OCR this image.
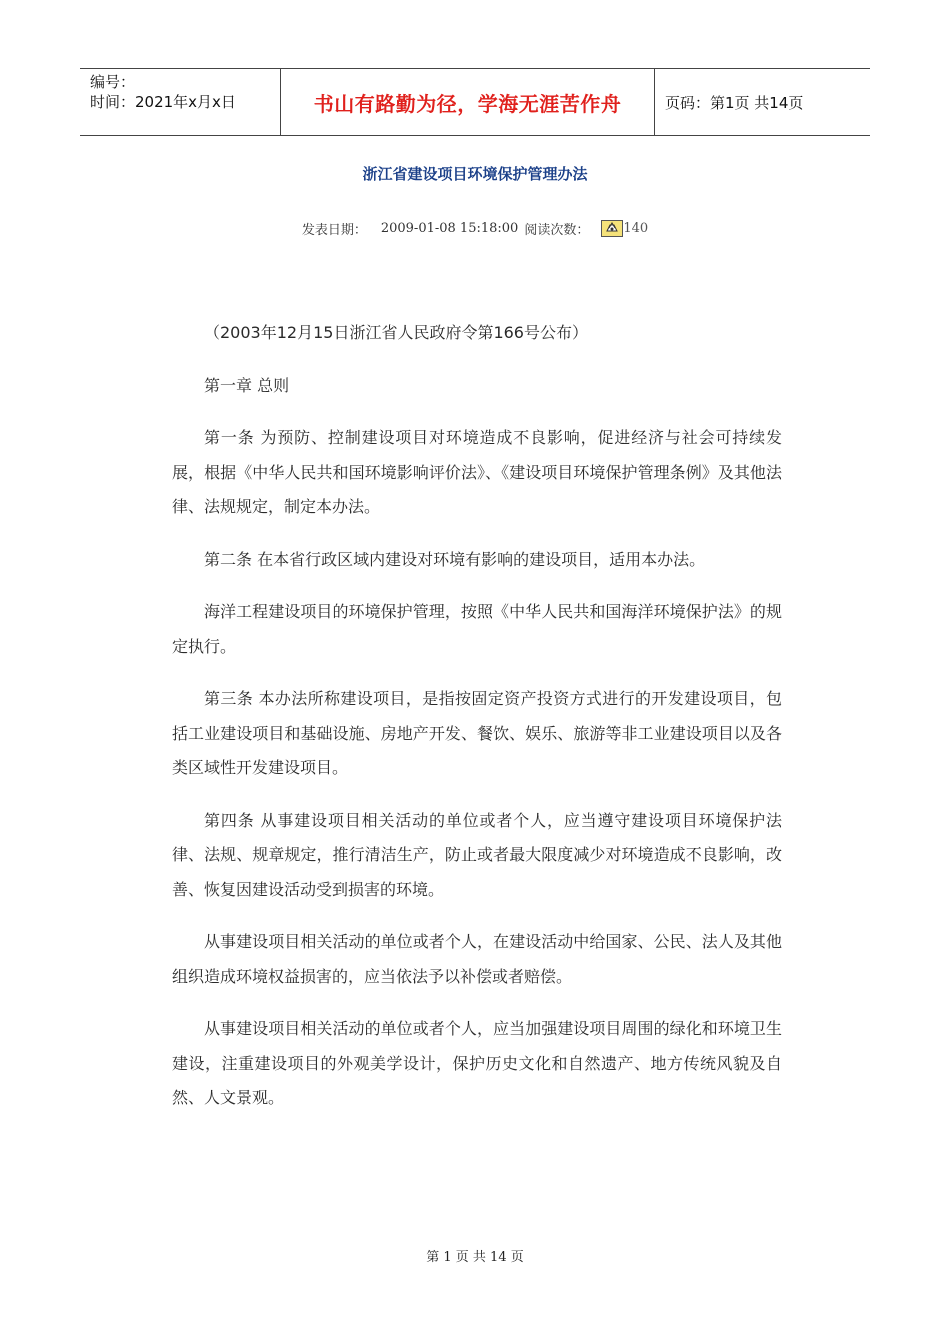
编号：
时间：2021年x月x日	书山有路勤为径，学海无涯苦作舟	页码：第1页 共14页
浙江省建设项目环境保护管理办法
发表日期： 2009-01-08 15:18:00 阅读次数：	140

（2003年12月15日浙江省人民政府令第166号公布）

第一章 总则

第一条 为预防、控制建设项目对环境造成不良影响，促进经济与社会可持续发展，根据《中华人民共和国环境影响评价法》、《建设项目环境保护管理条例》及其他法律、法规规定，制定本办法。

第二条 在本省行政区域内建设对环境有影响的建设项目，适用本办法。

海洋工程建设项目的环境保护管理，按照《中华人民共和国海洋环境保护法》的规定执行。

第三条 本办法所称建设项目，是指按固定资产投资方式进行的开发建设项目，包括工业建设项目和基础设施、房地产开发、餐饮、娱乐、旅游等非工业建设项目以及各类区域性开发建设项目。

第四条 从事建设项目相关活动的单位或者个人，应当遵守建设项目环境保护法律、法规、规章规定，推行清洁生产，防止或者最大限度减少对环境造成不良影响，改善、恢复因建设活动受到损害的环境。

从事建设项目相关活动的单位或者个人，在建设活动中给国家、公民、法人及其他组织造成环境权益损害的，应当依法予以补偿或者赔偿。

从事建设项目相关活动的单位或者个人，应当加强建设项目周围的绿化和环境卫生建设，注重建设项目的外观美学设计，保护历史文化和自然遗产、地方传统风貌及自然、人文景观。

第 1 页 共 14 页
